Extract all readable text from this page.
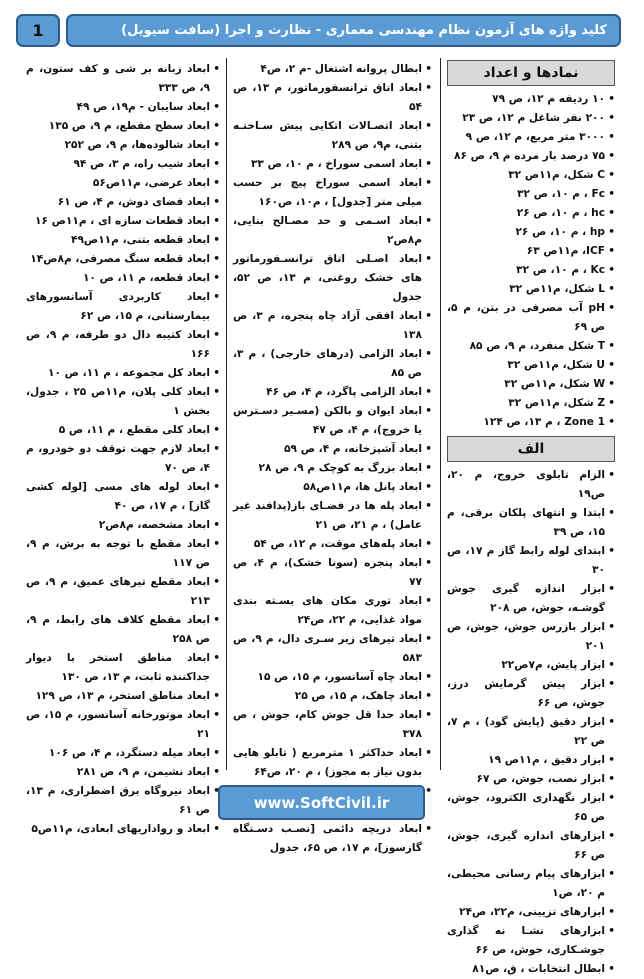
کلید واژه های آزمون نظام مهندسی معماری - نظارت و اجرا (سافت سیویل)
1
نمادها و اعداد
• ۱۰ ردیفه م ۱۲، ص ۷۹
• ۲۰۰ نفر شاغل م ۱۲، ص ۲۳
• ۳۰۰۰ متر مربع، م ۱۲، ص ۹
• ۷۵ درصد بار مرده م ۹، ص ۸۶
• C شکل، م۱۱ص ۳۲
• Fc ، م ۱۰، ص ۳۲
• hc ، م ۱۰، ص ۲۶
• hp ، م ۱۰، ص ۲۶
• ICF، م۱۱ص ۶۳
• Kc ، م ۱۰، ص ۳۲
• L شکل، م۱۱ص ۳۲
• pH آب مصرفی در بتن، م ۵، ص ۶۹
• T شکل منفرد، م ۹، ص ۸۵
• U شکل، م۱۱ص ۳۲
• W شکل، م۱۱ص ۳۲
• Z شکل، م۱۱ص ۳۲
• Zone 1 ، م ۱۳، ص ۱۲۴
الف
• الزام تابلوی خروج، م ۲۰، ص۱۹
• ابتدا و انتهای پلکان برقی، م ۱۵، ص ۳۹
• ابتدای لوله رابط گاز م ۱۷، ص ۳۰
• ابزار اندازه گیری جوش گوشـه، جوش، ص ۲۰۸
• ابزار بازرس جوش، جوش، ص ۲۰۱
• ابزار پایش، م۷ص۲۲
• ابزار پیش گرمایش درز، جوش، ص ۶۶
• ابزار دقیق (پایش گود) ، م ۷، ص ۲۲
• ابزار دقیق ، م۱۱ص ۱۹
• ابزار نصب، جوش، ص ۶۷
• ابزار نگهداری الکترود، جوش، ص ۶۵
• ابزارهای اندازه گیری، جوش، ص ۶۶
• ابزارهای پیام رسانی محیطی، م ۲۰، ص۱
• ابزارهای تزیینی، م۲۲، ص۲۴
• ابزارهای نشـا نه گذاری جوشـکاری، جوش، ص ۶۶
• ابطال انتخابات ، ق، ص۸۱
• ابطال پروانه اشتغال -م ۲، ص۴
• ابعاد اتاق ترانسفورماتور، م ۱۳، ص ۵۴
• ابعاد اتصـالات اتکایی پیش سـاختـه بتنی، م۹، ص ۲۸۹
• ابعاد اسمی سوراخ ، م ۱۰، ص ۳۳
• ابعاد اسمی سوراخ پیچ بر حسب میلی متر [جدول] ، م۱۰، ص۱۶۰
• ابعاد اسـمی و حد مصـالح بنایی، م۸ص۲
• ابعاد اصـلی اتاق ترانسـفورماتور های خشک روغنی، م ۱۳، ص ۵۲، جدول
• ابعاد افقی آزاد چاه پنجره، م ۳، ص ۱۳۸
• ابعاد الزامی (درهای خارجی) ، م ۳، ص ۸۵
• ابعاد الزامی پاگرد، م ۴، ص ۴۶
• ابعاد ایوان و بالکن (مسـیر دسـترس یا خروج)، م ۴، ص ۴۷
• ابعاد آشپزخانه، م ۴، ص ۵۹
• ابعاد بزرگ به کوچک م ۹، ص ۲۸
• ابعاد پانل ها، م۱۱ص۵۸
• ابعاد پله ها در فضـای باز(پدافند غیر عامل) ، م ۲۱، ص ۲۱
• ابعاد پله‌های موقت، م ۱۲، ص ۵۴
• ابعاد پنجره (سونا خشک)، م ۴، ص ۷۷
• ابعاد توری مکان های بسـته بندی مواد غذایی، م ۲۲، ص۲۴
• ابعاد تیرهای زیر سـری دال، م ۹، ص ۵۸۳
• ابعاد چاه آسانسور، م ۱۵، ص ۱۵
• ابعاد چاهک، م ۱۵، ص ۲۵
• ابعاد حدا قل جوش کام، جوش ، ص ۳۷۸
• ابعاد حداکثر ۱ مترمربع ( تابلو هایی بدون نیاز به مجوز) ، م ۲۰، ص۶۴
•
• ابعاد دریچه دائمی [نصـب دسـتگاه گازسوز]، م ۱۷، ص ۶۵، جدول
• ابعاد زبانه بر شی و کف ستون، م ۹، ص ۳۳۳
• ابعاد سایبان - م۱۹، ص ۴۹
• ابعاد سطح مقطع، م ۹، ص ۱۳۵
• ابعاد شالوده‌ها، م ۹، ص ۲۵۲
• ابعاد شیب راه، م ۳، ص ۹۴
• ابعاد عرضی، م۱۱ص۵۶
• ابعاد فضای دوش، م ۴، ص ۶۱
• ابعاد قطعات سازه ای ، م۱۱ص ۱۶
• ابعاد قطعه بتنی، م۱۱ص۴۹
• ابعاد قطعه سنگ مصرفی، م۸ص۱۴
• ابعاد قطعه، م ۱۱، ص ۱۰
• ابعاد کاربردی آسانسورهای بیمارستانی، م ۱۵، ص ۶۲
• ابعاد کتیبه دال دو طرفه، م ۹، ص ۱۶۶
• ابعاد کل مجموعه ، م ۱۱، ص ۱۰
• ابعاد کلی پلان، م۱۱ص ۲۵ ، جدول، بخش ۱
• ابعاد کلی مقطع ، م ۱۱، ص ۵
• ابعاد لازم جهت توقف دو خودرو، م ۴، ص ۷۰
• ابعاد لوله های مسی [لوله کشی گاز] ، م ۱۷، ص ۴۰
• ابعاد مشخصه، م۸ص۲
• ابعاد مقطع با توجه به برش، م ۹، ص ۱۱۷
• ابعاد مقطع تیرهای عمیق، م ۹، ص ۲۱۳
• ابعاد مقطع کلاف های رابط، م ۹، ص ۲۵۸
• ابعاد مناطق استخر با دیوار جداکننده ثابت، م ۱۳، ص ۱۳۰
• ابعاد مناطق استخر، م ۱۳، ص ۱۲۹
• ابعاد موتورخانه آسانسور، م ۱۵، ص ۲۱
• ابعاد میله دستگرد، م ۴، ص ۱۰۶
• ابعاد نشیمن، م ۹، ص ۲۸۱
• ابعاد نیروگاه برق اضطراری، م ۱۳، ص ۶۱
• ابعاد و رواداریهای ابعادی، م۱۱ص۵
www.SoftCivil.ir
